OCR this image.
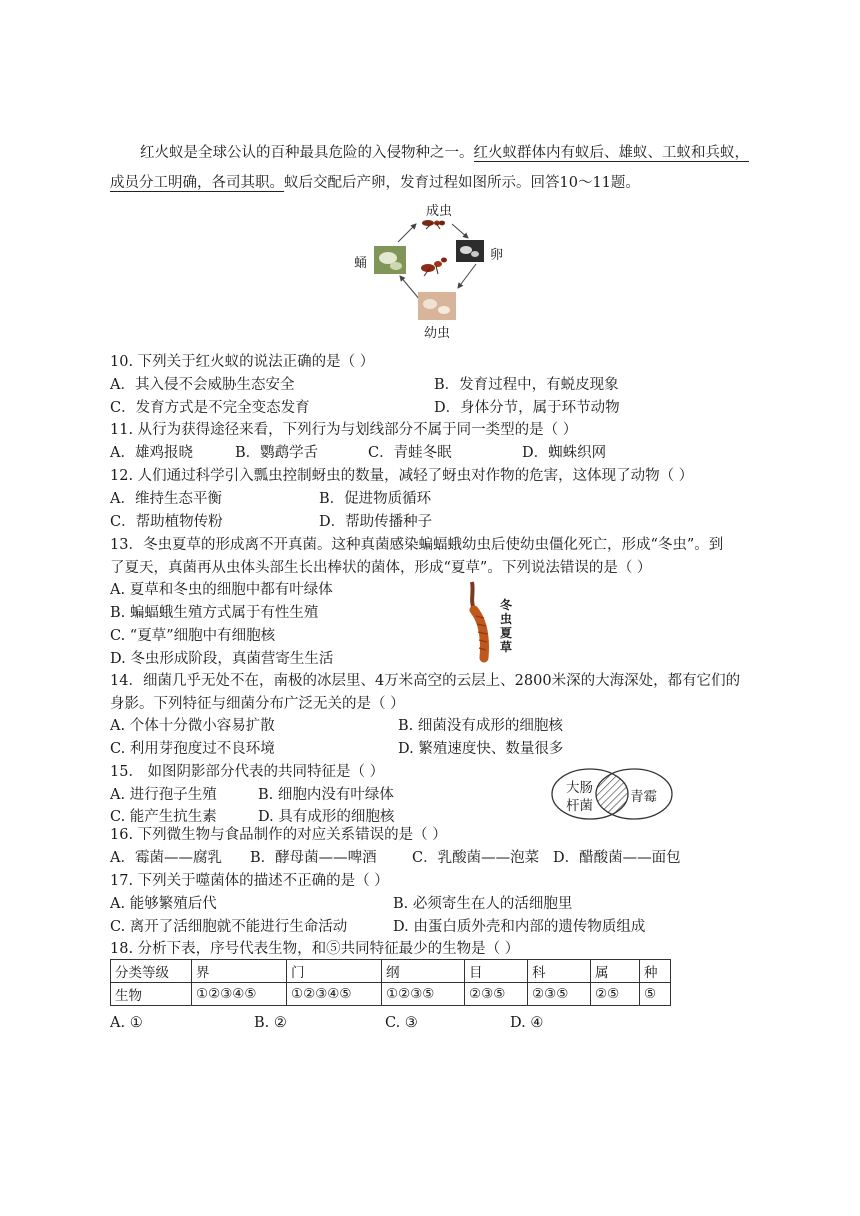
红火蚁是全球公认的百种最具危险的入侵物种之一。红火蚁群体内有蚁后、雄蚁、工蚁和兵蚁，
成员分工明确，各司其职。蚁后交配后产卵，发育过程如图所示。回答10～11题。
成虫
卵
蛹
幼虫
10. 下列关于红火蚁的说法正确的是（ ）
A．其入侵不会威胁生态安全	B．发育过程中，有蜕皮现象
C．发育方式是不完全变态发育	D．身体分节，属于环节动物
11. 从行为获得途径来看，下列行为与划线部分不属于同一类型的是（ ）
A．雄鸡报晓	B．鹦鹉学舌	C．青蛙冬眠	D．蜘蛛织网
12. 人们通过科学引入瓢虫控制蚜虫的数量，减轻了蚜虫对作物的危害，这体现了动物（ ）
A．维持生态平衡	B．促进物质循环
C．帮助植物传粉	D．帮助传播种子
13．冬虫夏草的形成离不开真菌。这种真菌感染蝙蝠蛾幼虫后使幼虫僵化死亡，形成“冬虫”。到
了夏天，真菌再从虫体头部生长出棒状的菌体，形成“夏草”。下列说法错误的是（ ）
A. 夏草和冬虫的细胞中都有叶绿体
B. 蝙蝠蛾生殖方式属于有性生殖
C. “夏草”细胞中有细胞核
D. 冬虫形成阶段，真菌营寄生生活
冬虫夏草
14．细菌几乎无处不在，南极的冰层里、4万米高空的云层上、2800米深的大海深处，都有它们的
身影。下列特征与细菌分布广泛无关的是（ ）
A. 个体十分微小容易扩散	B. 细菌没有成形的细胞核
C. 利用芽孢度过不良环境	D. 繁殖速度快、数量很多
15． 如图阴影部分代表的共同特征是（ ）
A. 进行孢子生殖	B. 细胞内没有叶绿体
C. 能产生抗生素	D. 具有成形的细胞核
大肠
杆菌
青霉
16. 下列微生物与食品制作的对应关系错误的是（ ）
A．霉菌——腐乳 B．酵母菌——啤酒 C．乳酸菌——泡菜 D．醋酸菌——面包
17. 下列关于噬菌体的描述不正确的是（ ）
A. 能够繁殖后代	B. 必须寄生在人的活细胞里
C. 离开了活细胞就不能进行生命活动	D. 由蛋白质外壳和内部的遗传物质组成
18. 分析下表，序号代表生物，和⑤共同特征最少的生物是（ ）
分类等级	界	门	纲	目	科	属	种
生物	①②③④⑤	①②③④⑤	①②③⑤	②③⑤	②③⑤	②⑤	⑤
A. ①	B. ②	C. ③	D. ④
